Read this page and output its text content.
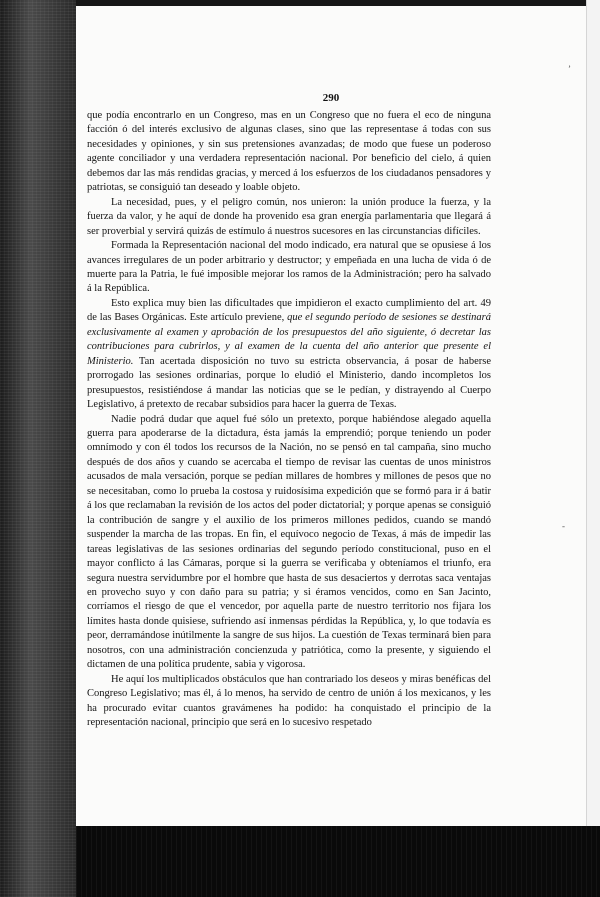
290

que podía encontrarlo en un Congreso, mas en un Congreso que no fuera el eco de ninguna facción ó del interés exclusivo de algunas clases, sino que las representase á todas con sus necesidades y opiniones, y sin sus pretensiones avanzadas; de modo que fuese un poderoso agente conciliador y una verdadera representación nacional. Por beneficio del cielo, á quien debemos dar las más rendidas gracias, y merced á los esfuerzos de los ciudadanos pensadores y patriotas, se consiguió tan deseado y loable objeto.

La necesidad, pues, y el peligro común, nos unieron: la unión produce la fuerza, y la fuerza da valor, y he aquí de donde ha provenido esa gran energía parlamentaria que llegará á ser proverbial y servirá quizás de estímulo á nuestros sucesores en las circunstancias difíciles.

Formada la Representación nacional del modo indicado, era natural que se opusiese á los avances irregulares de un poder arbitrario y destructor; y empeñada en una lucha de vida ó de muerte para la Patria, le fué imposible mejorar los ramos de la Administración; pero ha salvado á la República.

Esto explica muy bien las dificultades que impidieron el exacto cumplimiento del art. 49 de las Bases Orgánicas. Este artículo previene, que el segundo período de sesiones se destinará exclusivamente al examen y aprobación de los presupuestos del año siguiente, ó decretar las contribuciones para cubrirlos, y al examen de la cuenta del año anterior que presente el Ministerio. Tan acertada disposición no tuvo su estricta observancia, á posar de haberse prorrogado las sesiones ordinarias, porque lo eludió el Ministerio, dando incompletos los presupuestos, resistiéndose á mandar las noticias que se le pedían, y distrayendo al Cuerpo Legislativo, á pretexto de recabar subsidios para hacer la guerra de Texas.

Nadie podrá dudar que aquel fué sólo un pretexto, porque habiéndose alegado aquella guerra para apoderarse de la dictadura, ésta jamás la emprendió; porque teniendo un poder omnímodo y con él todos los recursos de la Nación, no se pensó en tal campaña, sino mucho después de dos años y cuando se acercaba el tiempo de revisar las cuentas de unos ministros acusados de mala versación, porque se pedían millares de hombres y millones de pesos que no se necesitaban, como lo prueba la costosa y ruidosísima expedición que se formó para ir á batir á los que reclamaban la revisión de los actos del poder dictatorial; y porque apenas se consiguió la contribución de sangre y el auxilio de los primeros millones pedidos, cuando se mandó suspender la marcha de las tropas. En fin, el equívoco negocio de Texas, á más de impedir las tareas legislativas de las sesiones ordinarias del segundo período constitucional, puso en el mayor conflicto á las Cámaras, porque si la guerra se verificaba y obteníamos el triunfo, era segura nuestra servidumbre por el hombre que hasta de sus desaciertos y derrotas saca ventajas en provecho suyo y con daño para su patria; y si éramos vencidos, como en San Jacinto, corríamos el riesgo de que el vencedor, por aquella parte de nuestro territorio nos fijara los límites hasta donde quisiese, sufriendo así inmensas pérdidas la República, y, lo que todavía es peor, derramándose inútilmente la sangre de sus hijos. La cuestión de Texas terminará bien para nosotros, con una administración concienzuda y patriótica, como la presente, y siguiendo el dictamen de una política prudente, sabia y vigorosa.

He aquí los multiplicados obstáculos que han contrariado los deseos y miras benéficas del Congreso Legislativo; mas él, á lo menos, ha servido de centro de unión á los mexicanos, y les ha procurado evitar cuantos gravámenes ha podido: ha conquistado el principio de la representación nacional, principio que será en lo sucesivo respetado

ʼ
-
